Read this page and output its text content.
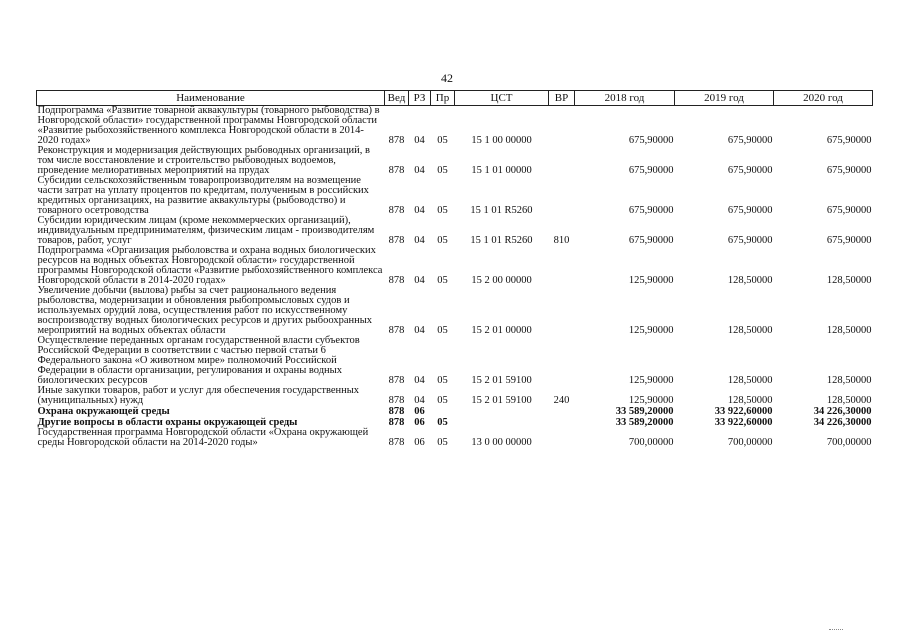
42
Наименование	Вед	РЗ	Пр	ЦСТ	ВР	2018 год	2019 год	2020 год
Подпрограмма «Развитие товарной аквакультуры (товарного рыбоводства) в Новгородской области» государственной программы Новгородской области «Развитие рыбохозяйственного комплекса Новгородской области в 2014-2020 годах»	878	04	05	15 1 00 00000		675,90000	675,90000	675,90000
Реконструкция и модернизация действующих рыбоводных организаций, в том числе восстановление и строительство рыбоводных водоемов, проведение мелиоративных мероприятий на прудах	878	04	05	15 1 01 00000		675,90000	675,90000	675,90000
Субсидии сельскохозяйственным товаропроизводителям на возмещение части затрат на уплату процентов по кредитам, полученным в российских кредитных организациях, на развитие аквакультуры (рыбоводство) и товарного осетроводства	878	04	05	15 1 01 R5260		675,90000	675,90000	675,90000
Субсидии юридическим лицам (кроме некоммерческих организаций), индивидуальным предпринимателям, физическим лицам - производителям товаров, работ, услуг	878	04	05	15 1 01 R5260	810	675,90000	675,90000	675,90000
Подпрограмма «Организация рыболовства и охрана водных биологических ресурсов на водных объектах Новгородской области» государственной программы Новгородской области «Развитие рыбохозяйственного комплекса Новгородской области в 2014-2020 годах»	878	04	05	15 2 00 00000		125,90000	128,50000	128,50000
Увеличение добычи (вылова) рыбы за счет рационального ведения рыболовства, модернизации и обновления рыбопромысловых судов и используемых орудий лова, осуществления работ по искусственному воспроизводству водных биологических ресурсов и других рыбоохранных мероприятий на водных объектах области	878	04	05	15 2 01 00000		125,90000	128,50000	128,50000
Осуществление переданных органам государственной власти субъектов Российской Федерации в соответствии с частью первой статьи 6 Федерального закона «О животном мире» полномочий Российской Федерации в области организации, регулирования и охраны водных биологических ресурсов	878	04	05	15 2 01 59100		125,90000	128,50000	128,50000
Иные закупки товаров, работ и услуг для обеспечения государственных (муниципальных) нужд	878	04	05	15 2 01 59100	240	125,90000	128,50000	128,50000
Охрана окружающей среды	878	06				33 589,20000	33 922,60000	34 226,30000
Другие вопросы в области охраны окружающей среды	878	06	05			33 589,20000	33 922,60000	34 226,30000
Государственная программа Новгородской области «Охрана окружающей среды Новгородской области на 2014-2020 годы»	878	06	05	13 0 00 00000		700,00000	700,00000	700,00000
